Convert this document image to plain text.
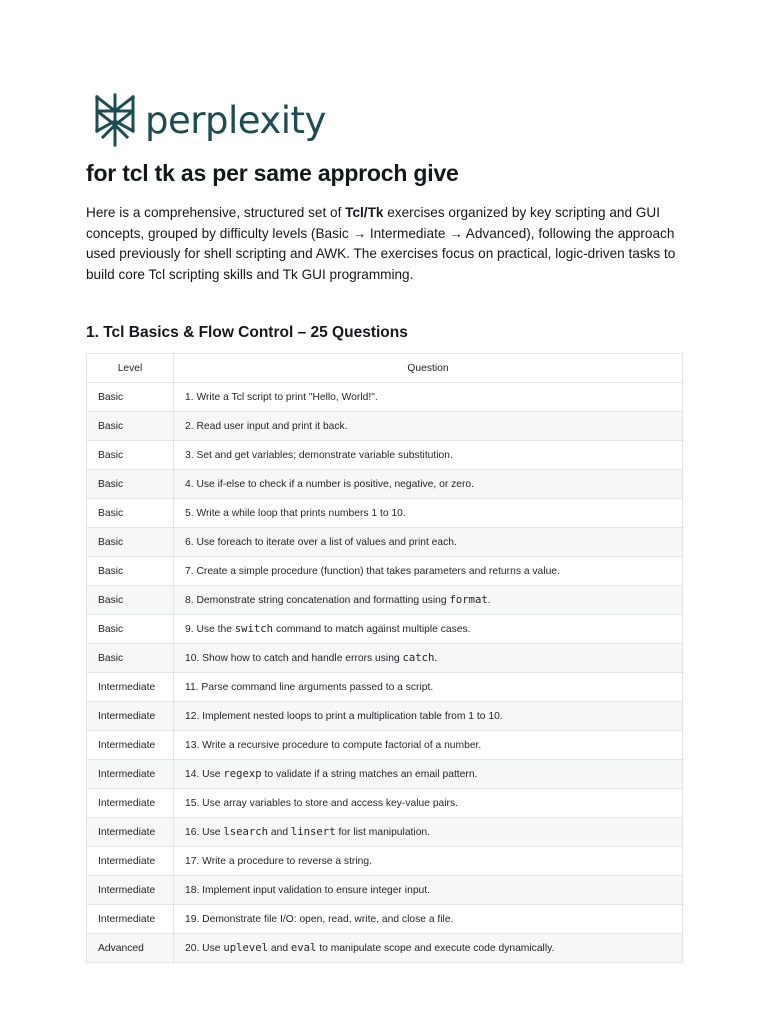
perplexity
for tcl tk as per same approch give

Here is a comprehensive, structured set of Tcl/Tk exercises organized by key scripting and GUI concepts, grouped by difficulty levels (Basic → Intermediate → Advanced), following the approach used previously for shell scripting and AWK. The exercises focus on practical, logic-driven tasks to build core Tcl scripting skills and Tk GUI programming.

1. Tcl Basics & Flow Control – 25 Questions
Level	Question
Basic	1. Write a Tcl script to print "Hello, World!".
Basic	2. Read user input and print it back.
Basic	3. Set and get variables; demonstrate variable substitution.
Basic	4. Use if-else to check if a number is positive, negative, or zero.
Basic	5. Write a while loop that prints numbers 1 to 10.
Basic	6. Use foreach to iterate over a list of values and print each.
Basic	7. Create a simple procedure (function) that takes parameters and returns a value.
Basic	8. Demonstrate string concatenation and formatting using format.
Basic	9. Use the switch command to match against multiple cases.
Basic	10. Show how to catch and handle errors using catch.
Intermediate	11. Parse command line arguments passed to a script.
Intermediate	12. Implement nested loops to print a multiplication table from 1 to 10.
Intermediate	13. Write a recursive procedure to compute factorial of a number.
Intermediate	14. Use regexp to validate if a string matches an email pattern.
Intermediate	15. Use array variables to store and access key-value pairs.
Intermediate	16. Use lsearch and linsert for list manipulation.
Intermediate	17. Write a procedure to reverse a string.
Intermediate	18. Implement input validation to ensure integer input.
Intermediate	19. Demonstrate file I/O: open, read, write, and close a file.
Advanced	20. Use uplevel and eval to manipulate scope and execute code dynamically.
